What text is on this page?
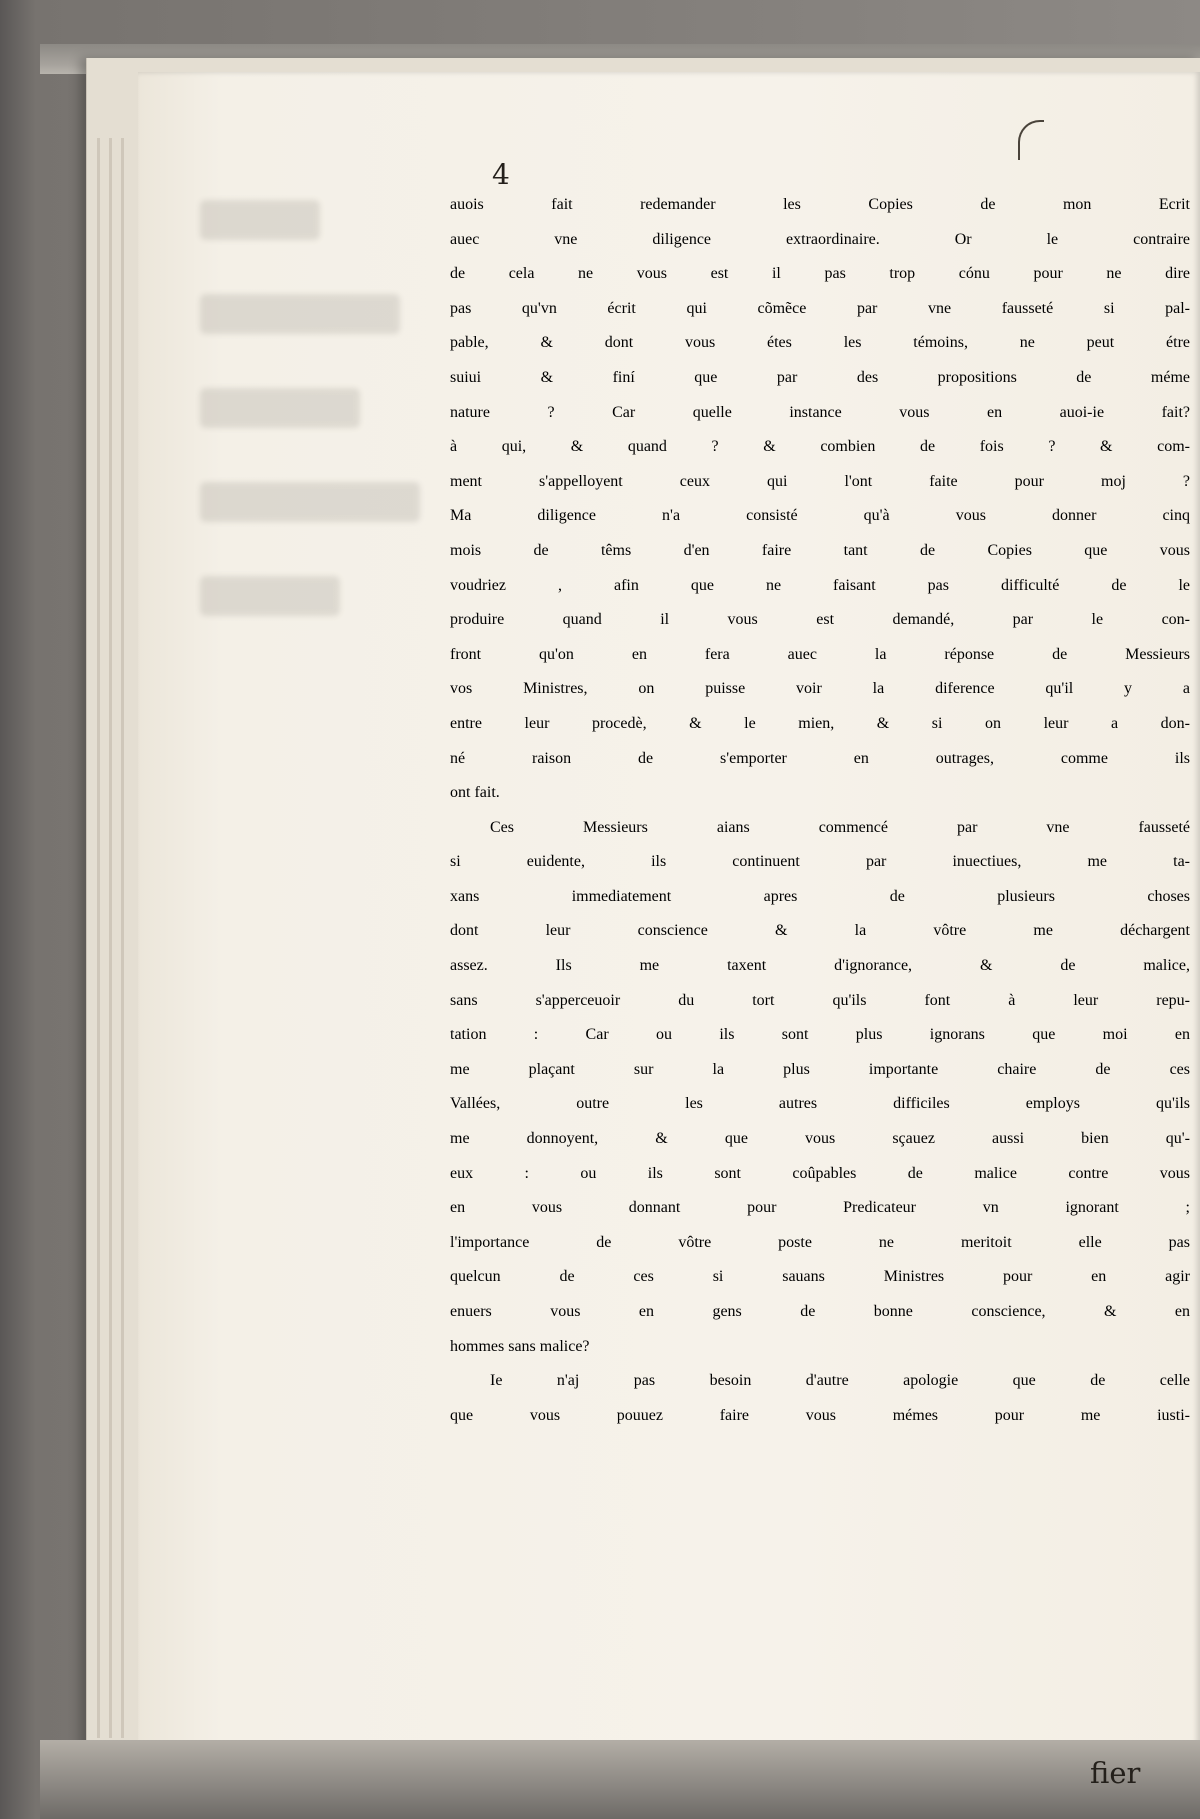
4
auois fait redemander les Copies de mon Ecrit
auec vne diligence extraordinaire. Or le contraire
de cela ne vous est il pas trop cónu pour ne dire
pas qu'vn écrit qui cõmẽce par vne fausseté si pal-
pable, & dont vous étes les témoins, ne peut étre
suiui & finí que par des propositions de méme
nature ? Car quelle instance vous en auoi-ie fait?
à qui, & quand ? & combien de fois ? & com-
ment s'appelloyent ceux qui l'ont faite pour moj ?
Ma diligence n'a consisté qu'à vous donner cinq
mois de têms d'en faire tant de Copies que vous
voudriez , afin que ne faisant pas difficulté de le
produire quand il vous est demandé, par le con-
front qu'on en fera auec la réponse de Messieurs
vos Ministres, on puisse voir la diference qu'il y a
entre leur procedè, & le mien, & si on leur a don-
né raison de s'emporter en outrages, comme ils
ont fait.
Ces Messieurs aians commencé par vne fausseté
si euidente, ils continuent par inuectiues, me ta-
xans immediatement apres de plusieurs choses
dont leur conscience & la vôtre me déchargent
assez. Ils me taxent d'ignorance, & de malice,
sans s'apperceuoir du tort qu'ils font à leur repu-
tation : Car ou ils sont plus ignorans que moi en
me plaçant sur la plus importante chaire de ces
Vallées, outre les autres difficiles employs qu'ils
me donnoyent, & que vous sçauez aussi bien qu'-
eux : ou ils sont coûpables de malice contre vous
en vous donnant pour Predicateur vn ignorant ;
l'importance de vôtre poste ne meritoit elle pas
quelcun de ces si sauans Ministres pour en agir
enuers vous en gens de bonne conscience, & en
hommes sans malice?
Ie n'aj pas besoin d'autre apologie que de celle
que vous pouuez faire vous mémes pour me iusti-
fier
